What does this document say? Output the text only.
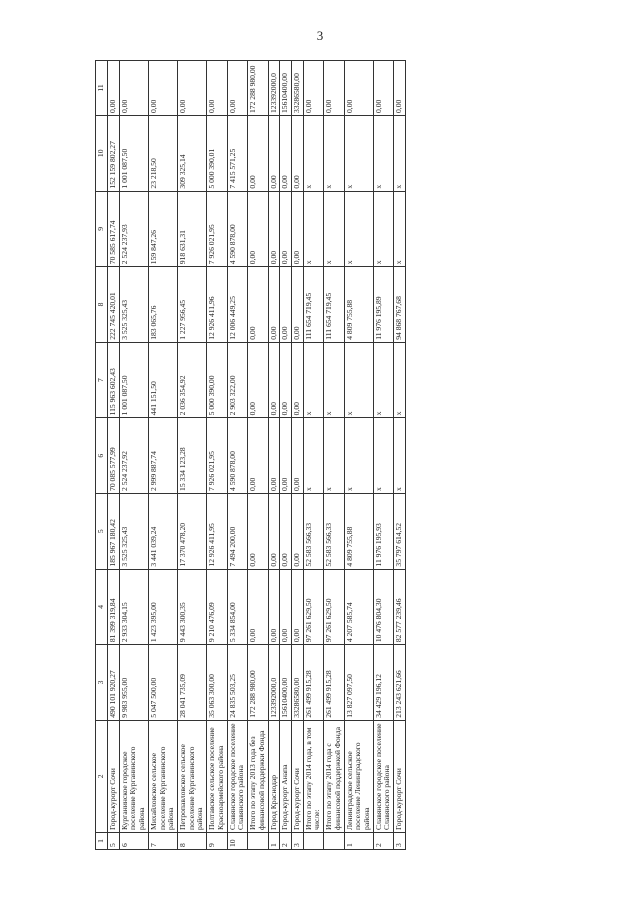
3
1	2	3	4	5	6	7	8	9	10	11
5	Город-курорт Сочи	490 101 920,27	81 399 319,84	185 967 180,42	70 085 577,99	115 963 602,43	222 745 420,01	70 585 617,74	152 159 802,27	0,00
6	Курганинское городское поселение Курганинского района	9 983 955,00	2 933 304,15	3 525 325,43	2 524 237,92	1 001 087,50	3 525 325,43	2 524 237,93	1 001 087,50	0,00
7	Михайловское сельское поселение Курганинского района	5 047 500,00	1 423 395,00	3 441 039,24	2 999 887,74	441 151,50	183 065,76	159 847,26	23 218,50	0,00
8	Петропавловское сельское поселение Курганинского района	28 041 735,09	9 443 300,35	17 370 478,20	15 334 123,28	2 036 354,92	1 227 956,45	918 631,31	309 325,14	0,00
9	Полтавское сельское поселение Красноармейского района	35 063 300,00	9 210 476,09	12 926 411,95	7 926 021,95	5 000 390,00	12 926 411,96	7 926 021,95	5 000 390,01	0,00
10	Славянское городское поселение Славянского района	24 835 503,25	5 334 854,00	7 494 200,00	4 590 878,00	2 903 322,00	12 006 449,25	4 590 878,00	7 415 571,25	0,00
	Итого по этапу 2013 года без финансовой поддержки Фонда	172 288 980,00	0,00	0,00	0,00	0,00	0,00	0,00	0,00	172 288 980,00
1	Город Краснодар	123392000,0	0,00	0,00	0,00	0,00	0,00	0,00	0,00	123392000,0
2	Город-курорт Анапа	15610400,00	0,00	0,00	0,00	0,00	0,00	0,00	0,00	15610400,00
3	Город-курорт Сочи	33286580,00	0,00	0,00	0,00	0,00	0,00	0,00	0,00	33286580,00
	Итого по этапу 2014 года, в том числе:	261 499 915,28	97 261 629,50	52 583 566,33	x	x	111 654 719,45	x	x	0,00
	Итого по этапу 2014 года с финансовой поддержкой Фонда	261 499 915,28	97 261 629,50	52 583 566,33	x	x	111 654 719,45	x	x	0,00
1	Ленинградское сельское поселение Ленинградского района	13 827 097,50	4 207 585,74	4 809 755,88	x	x	4 809 755,88	x	x	0,00
2	Славянское городское поселение Славянского района	34 429 196,12	10 476 804,30	11 976 195,93	x	x	11 976 195,89	x	x	0,00
3	Город-курорт Сочи	213 243 621,66	82 577 239,46	35 797 614,52	x	x	94 868 767,68	x	x	0,00
